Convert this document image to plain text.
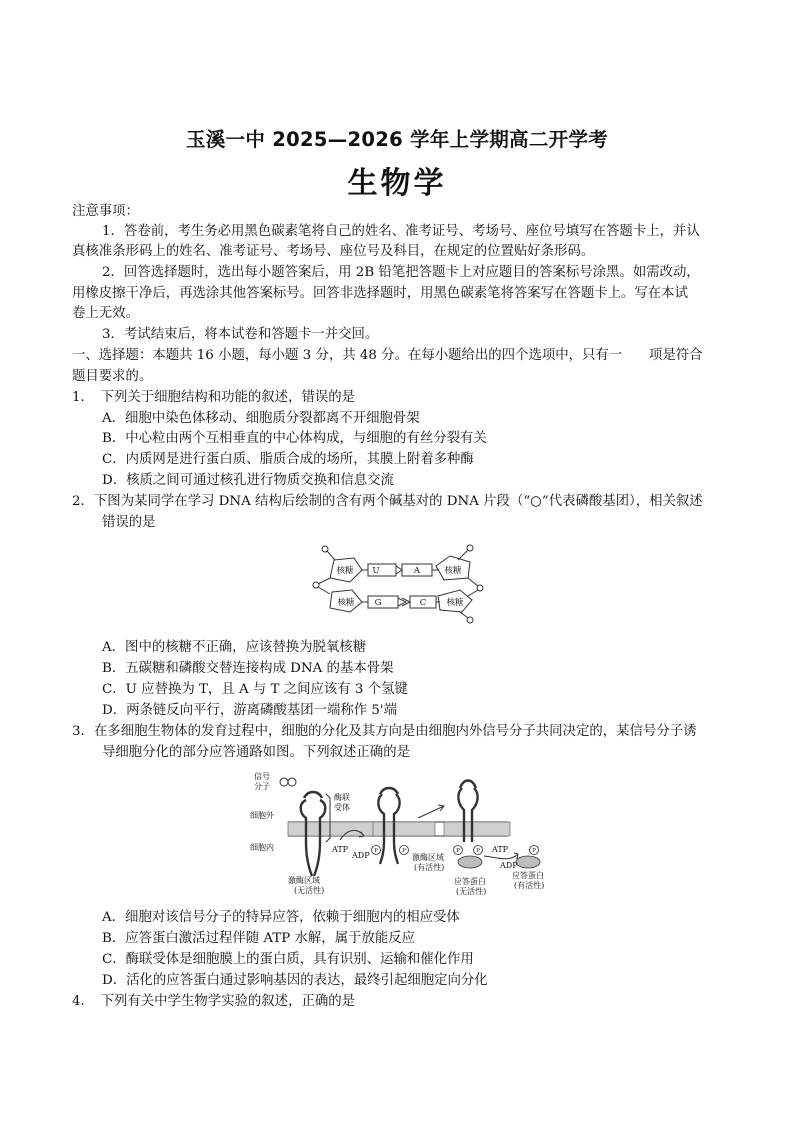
玉溪一中 2025—2026 学年上学期高二开学考
生物学
注意事项：
1．答卷前，考生务必用黑色碳素笔将自己的姓名、准考证号、考场号、座位号填写在答题卡上，并认
真核准条形码上的姓名、准考证号、考场号、座位号及科目，在规定的位置贴好条形码。
2．回答选择题时，选出每小题答案后，用 2B 铅笔把答题卡上对应题目的答案标号涂黑。如需改动，
用橡皮擦干净后，再选涂其他答案标号。回答非选择题时，用黑色碳素笔将答案写在答题卡上。写在本试
卷上无效。
3．考试结束后，将本试卷和答题卡一并交回。
一、选择题：本题共 16 小题，每小题 3 分，共 48 分。在每小题给出的四个选项中，只有一　　项是符合
题目要求的。
1．　下列关于细胞结构和功能的叙述，错误的是
A．细胞中染色体移动、细胞质分裂都离不开细胞骨架
B．中心粒由两个互相垂直的中心体构成，与细胞的有丝分裂有关
C．内质网是进行蛋白质、脂质合成的场所，其膜上附着多种酶
D．核质之间可通过核孔进行物质交换和信息交流
2．下图为某同学在学习 DNA 结构后绘制的含有两个碱基对的 DNA 片段（“○”代表磷酸基团），相关叙述
错误的是
核糖
核糖
核糖
核糖
U	A
G	C
A．图中的核糖不正确，应该替换为脱氧核糖
B．五碳糖和磷酸交替连接构成 DNA 的基本骨架
C．U 应替换为 T，且 A 与 T 之间应该有 3 个氢键
D．两条链反向平行，游离磷酸基团一端称作 5'端
3．在多细胞生物体的发育过程中，细胞的分化及其方向是由细胞内外信号分子共同决定的，某信号分子诱
导细胞分化的部分应答通路如图。下列叙述正确的是
信号
分子
酶联
受体
细胞外
细胞内	ATP
ADP
激酶区域
(无活性)
激酶区域
(有活性)
ATP
ADP
应答蛋白
(无活性)
应答蛋白
(有活性)
P	P	P	P	P
A．细胞对该信号分子的特异应答，依赖于细胞内的相应受体
B．应答蛋白激活过程伴随 ATP 水解，属于放能反应
C．酶联受体是细胞膜上的蛋白质，具有识别、运输和催化作用
D．活化的应答蛋白通过影响基因的表达，最终引起细胞定向分化
4．　下列有关中学生物学实验的叙述，正确的是
